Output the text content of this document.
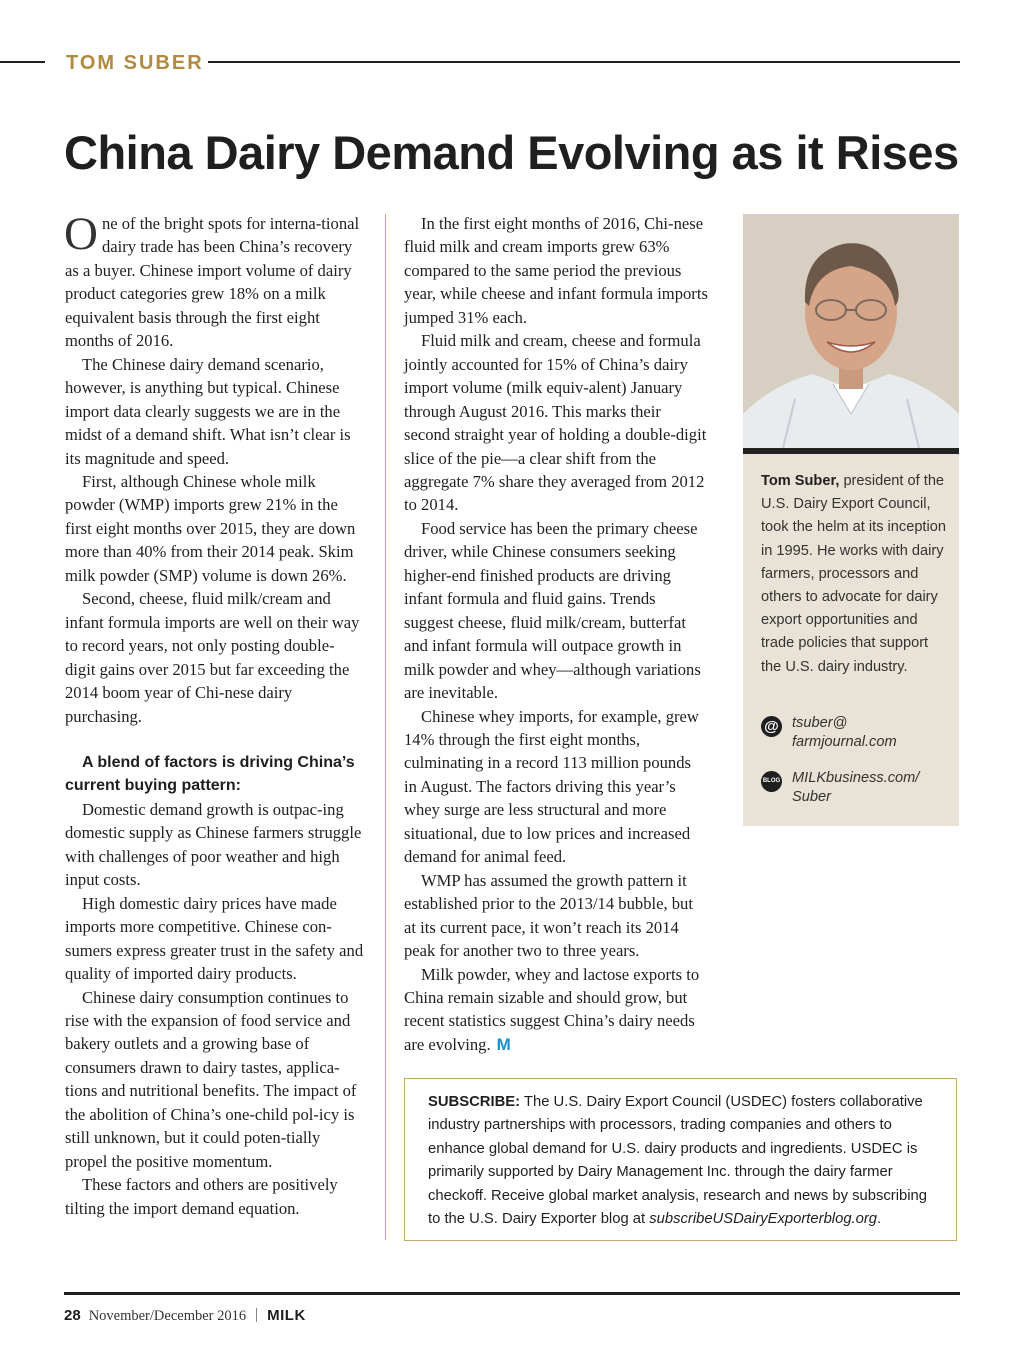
TOM SUBER
China Dairy Demand Evolving as it Rises

One of the bright spots for interna-tional dairy trade has been China’s recovery as a buyer. Chinese import volume of dairy product categories grew 18% on a milk equivalent basis through the first eight months of 2016.

The Chinese dairy demand scenario, however, is anything but typical. Chinese import data clearly suggests we are in the midst of a demand shift. What isn’t clear is its magnitude and speed.

First, although Chinese whole milk powder (WMP) imports grew 21% in the first eight months over 2015, they are down more than 40% from their 2014 peak. Skim milk powder (SMP) volume is down 26%.

Second, cheese, fluid milk/cream and infant formula imports are well on their way to record years, not only posting double-digit gains over 2015 but far exceeding the 2014 boom year of Chi-nese dairy purchasing.

A blend of factors is driving China’s
current buying pattern:

Domestic demand growth is outpac-ing domestic supply as Chinese farmers struggle with challenges of poor weather and high input costs.

High domestic dairy prices have made imports more competitive. Chinese con-sumers express greater trust in the safety and quality of imported dairy products.

Chinese dairy consumption continues to rise with the expansion of food service and bakery outlets and a growing base of consumers drawn to dairy tastes, applica-tions and nutritional benefits. The impact of the abolition of China’s one-child pol-icy is still unknown, but it could poten-tially propel the positive momentum.

These factors and others are positively tilting the import demand equation.

In the first eight months of 2016, Chi-nese fluid milk and cream imports grew 63% compared to the same period the previous year, while cheese and infant formula imports jumped 31% each.

Fluid milk and cream, cheese and formula jointly accounted for 15% of China’s dairy import volume (milk equiv-alent) January through August 2016. This marks their second straight year of holding a double-digit slice of the pie—a clear shift from the aggregate 7% share they averaged from 2012 to 2014.

Food service has been the primary cheese driver, while Chinese consumers seeking higher-end finished products are driving infant formula and fluid gains. Trends suggest cheese, fluid milk/cream, butterfat and infant formula will outpace growth in milk powder and whey—although variations are inevitable.

Chinese whey imports, for example, grew 14% through the first eight months, culminating in a record 113 million pounds in August. The factors driving this year’s whey surge are less structural and more situational, due to low prices and increased demand for animal feed.

WMP has assumed the growth pattern it established prior to the 2013/14 bubble, but at its current pace, it won’t reach its 2014 peak for another two to three years.

Milk powder, whey and lactose exports to China remain sizable and should grow, but recent statistics suggest China’s dairy needs are evolving. M

Tom Suber, president of the U.S. Dairy Export Council, took the helm at its inception in 1995. He works with dairy farmers, processors and others to advocate for dairy export opportunities and trade policies that support the U.S. dairy industry.
@ tsuber@
farmjournal.com
BLOG MILKbusiness.com/
Suber
SUBSCRIBE: The U.S. Dairy Export Council (USDEC) fosters collaborative industry partnerships with processors, trading companies and others to enhance global demand for U.S. dairy products and ingredients. USDEC is primarily supported by Dairy Management Inc. through the dairy farmer checkoff. Receive global market analysis, research and news by subscribing to the U.S. Dairy Exporter blog at subscribeUSDairyExporterblog.org.
28 November/December 2016 MILK
